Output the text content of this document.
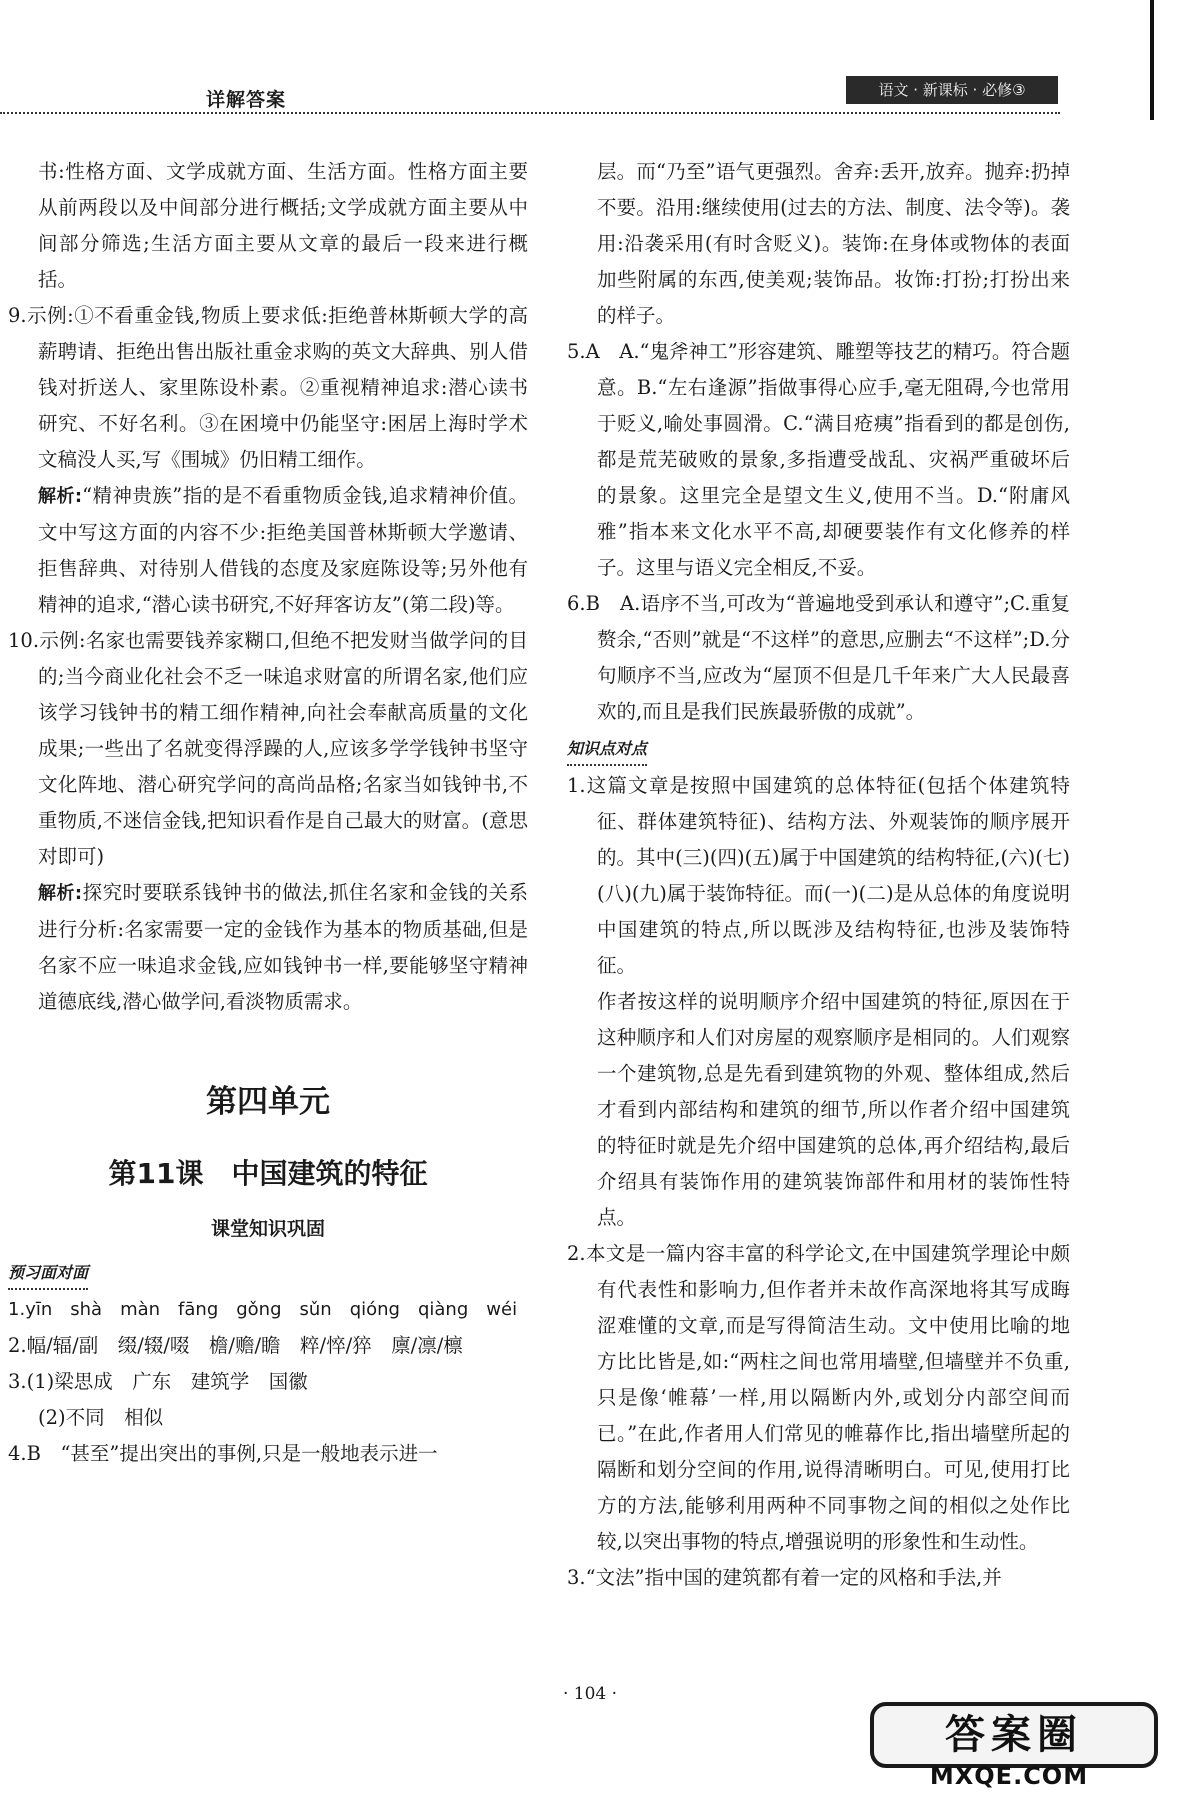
详解答案	语文 · 新课标 · 必修③

书:性格方面、文学成就方面、生活方面。性格方面主要从前两段以及中间部分进行概括;文学成就方面主要从中间部分筛选;生活方面主要从文章的最后一段来进行概括。

9.示例:①不看重金钱,物质上要求低:拒绝普林斯顿大学的高薪聘请、拒绝出售出版社重金求购的英文大辞典、别人借钱对折送人、家里陈设朴素。②重视精神追求:潜心读书研究、不好名利。③在困境中仍能坚守:困居上海时学术文稿没人买,写《围城》仍旧精工细作。

解析:“精神贵族”指的是不看重物质金钱,追求精神价值。文中写这方面的内容不少:拒绝美国普林斯顿大学邀请、拒售辞典、对待别人借钱的态度及家庭陈设等;另外他有精神的追求,“潜心读书研究,不好拜客访友”(第二段)等。

10.示例:名家也需要钱养家糊口,但绝不把发财当做学问的目的;当今商业化社会不乏一味追求财富的所谓名家,他们应该学习钱钟书的精工细作精神,向社会奉献高质量的文化成果;一些出了名就变得浮躁的人,应该多学学钱钟书坚守文化阵地、潜心研究学问的高尚品格;名家当如钱钟书,不重物质,不迷信金钱,把知识看作是自己最大的财富。(意思对即可)

解析:探究时要联系钱钟书的做法,抓住名家和金钱的关系进行分析:名家需要一定的金钱作为基本的物质基础,但是名家不应一味追求金钱,应如钱钟书一样,要能够坚守精神道德底线,潜心做学问,看淡物质需求。

第四单元
第11课　中国建筑的特征
课堂知识巩固
预习面对面

1.yīn　shà　màn　fāng　gǒng　sǔn　qióng　qiàng　wéi

2.幅/辐/副　缀/辍/啜　檐/赡/瞻　粹/悴/猝　廪/凛/檩

3.(1)梁思成　广东　建筑学　国徽

(2)不同　相似

4.B　“甚至”提出突出的事例,只是一般地表示进一

层。而“乃至”语气更强烈。舍弃:丢开,放弃。抛弃:扔掉不要。沿用:继续使用(过去的方法、制度、法令等)。袭用:沿袭采用(有时含贬义)。装饰:在身体或物体的表面加些附属的东西,使美观;装饰品。妆饰:打扮;打扮出来的样子。

5.A　A.“鬼斧神工”形容建筑、雕塑等技艺的精巧。符合题意。B.“左右逢源”指做事得心应手,毫无阻碍,今也常用于贬义,喻处事圆滑。C.“满目疮痍”指看到的都是创伤,都是荒芜破败的景象,多指遭受战乱、灾祸严重破坏后的景象。这里完全是望文生义,使用不当。D.“附庸风雅”指本来文化水平不高,却硬要装作有文化修养的样子。这里与语义完全相反,不妥。

6.B　A.语序不当,可改为“普遍地受到承认和遵守”;C.重复赘余,“否则”就是“不这样”的意思,应删去“不这样”;D.分句顺序不当,应改为“屋顶不但是几千年来广大人民最喜欢的,而且是我们民族最骄傲的成就”。

知识点对点

1.这篇文章是按照中国建筑的总体特征(包括个体建筑特征、群体建筑特征)、结构方法、外观装饰的顺序展开的。其中(三)(四)(五)属于中国建筑的结构特征,(六)(七)(八)(九)属于装饰特征。而(一)(二)是从总体的角度说明中国建筑的特点,所以既涉及结构特征,也涉及装饰特征。

作者按这样的说明顺序介绍中国建筑的特征,原因在于这种顺序和人们对房屋的观察顺序是相同的。人们观察一个建筑物,总是先看到建筑物的外观、整体组成,然后才看到内部结构和建筑的细节,所以作者介绍中国建筑的特征时就是先介绍中国建筑的总体,再介绍结构,最后介绍具有装饰作用的建筑装饰部件和用材的装饰性特点。

2.本文是一篇内容丰富的科学论文,在中国建筑学理论中颇有代表性和影响力,但作者并未故作高深地将其写成晦涩难懂的文章,而是写得简洁生动。文中使用比喻的地方比比皆是,如:“两柱之间也常用墙壁,但墙壁并不负重,只是像‘帷幕’一样,用以隔断内外,或划分内部空间而已。”在此,作者用人们常见的帷幕作比,指出墙壁所起的隔断和划分空间的作用,说得清晰明白。可见,使用打比方的方法,能够利用两种不同事物之间的相似之处作比较,以突出事物的特点,增强说明的形象性和生动性。

3.“文法”指中国的建筑都有着一定的风格和手法,并

· 104 ·
答案圈
MXQE.COM
